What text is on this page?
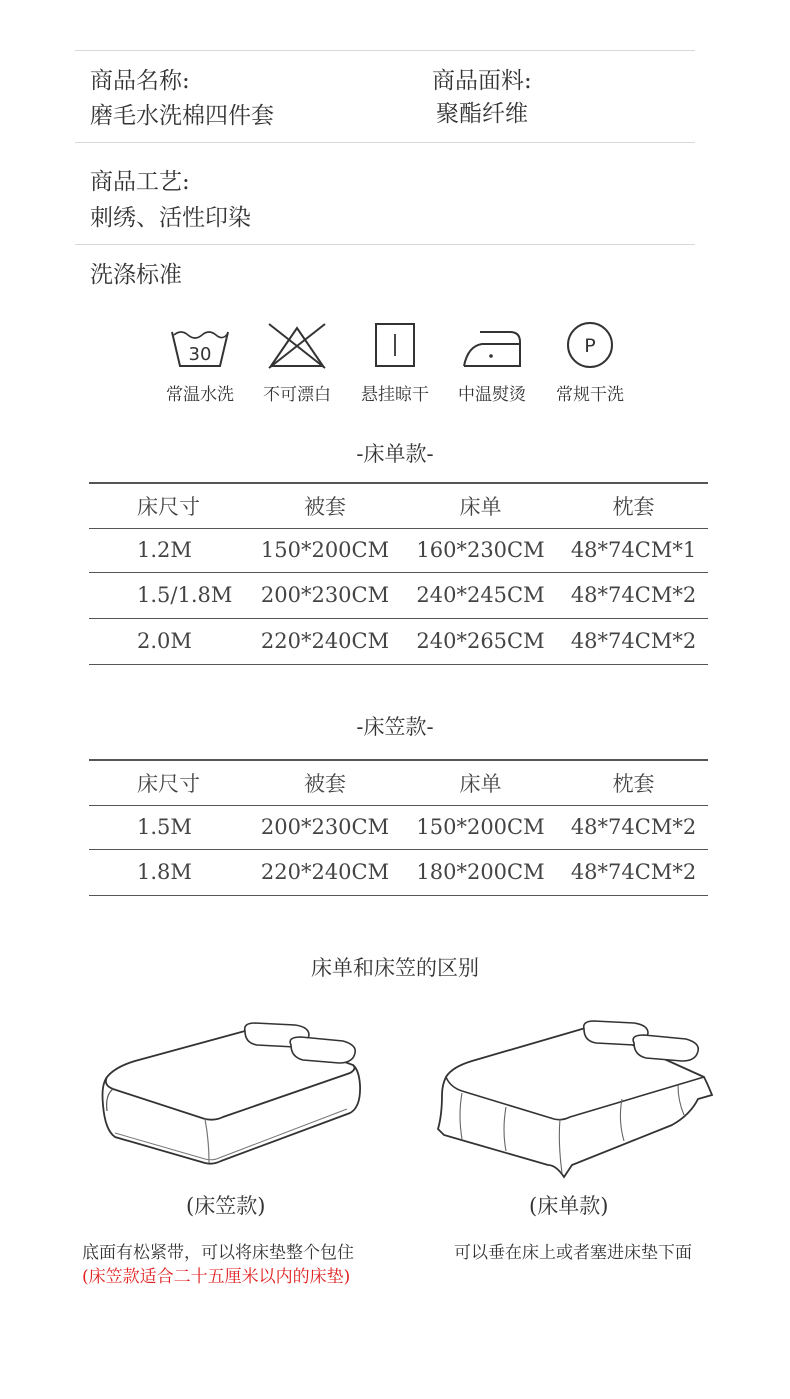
商品名称:
磨毛水洗棉四件套
商品面料:
聚酯纤维
商品工艺:
刺绣、活性印染
洗涤标准
30
常温水洗	不可漂白	悬挂晾干	中温熨烫
P
常规干洗
-床单款-
床尺寸	被套	床单	枕套
1.2M	150*200CM	160*230CM	48*74CM*1
1.5/1.8M	200*230CM	240*245CM	48*74CM*2
2.0M	220*240CM	240*265CM	48*74CM*2
-床笠款-
床尺寸	被套	床单	枕套
1.5M	200*230CM	150*200CM	48*74CM*2
1.8M	220*240CM	180*200CM	48*74CM*2
床单和床笠的区别
(床笠款)	(床单款)
底面有松紧带，可以将床垫整个包住
(床笠款适合二十五厘米以内的床垫)
可以垂在床上或者塞进床垫下面
